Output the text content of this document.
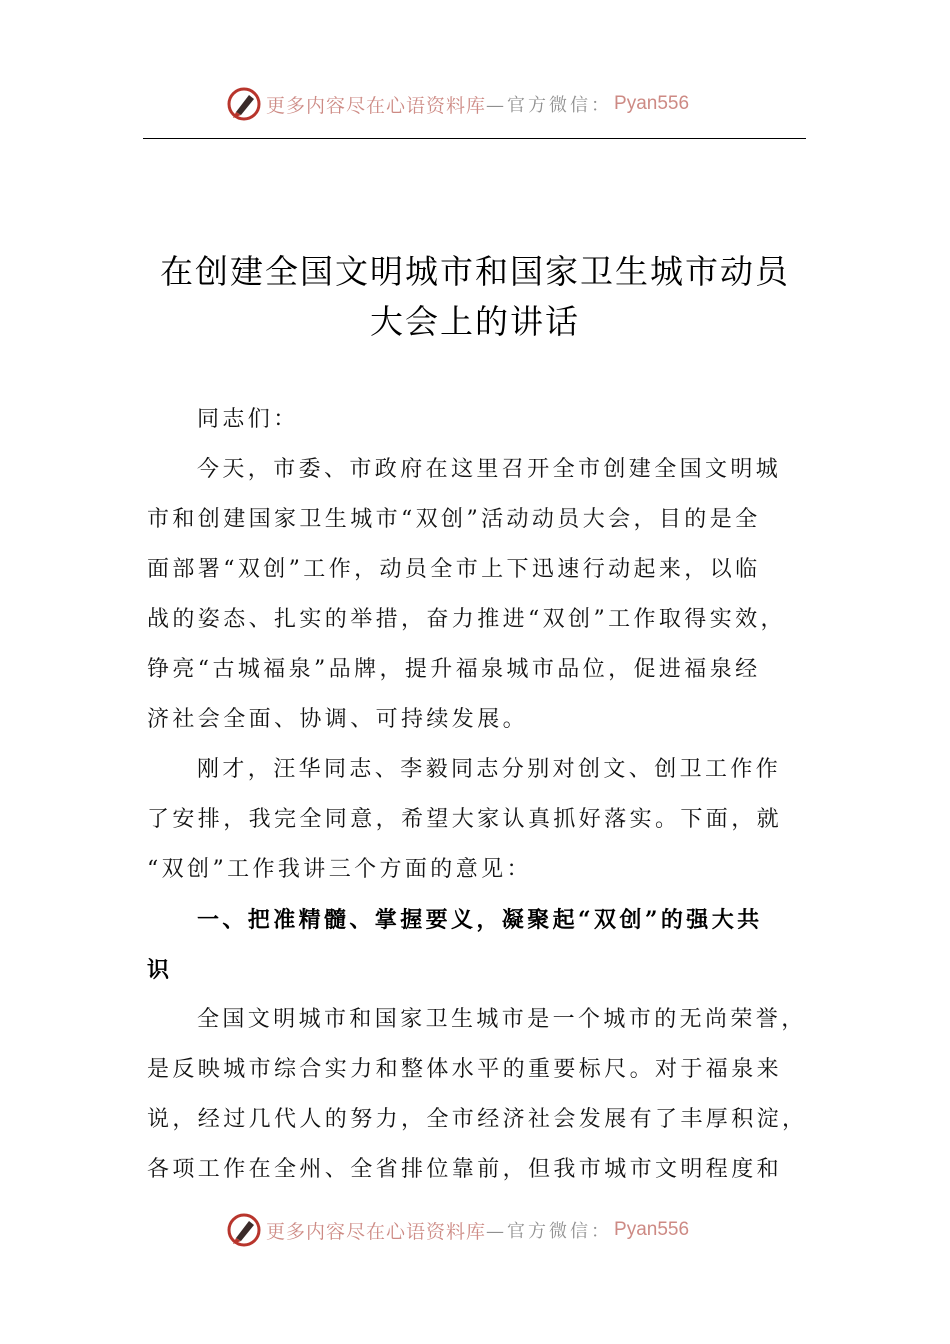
更多内容尽在心语资料库 —官方微信： Pyan556
在创建全国文明城市和国家卫生城市动员
大会上的讲话
同志们：
今天，市委、市政府在这里召开全市创建全国文明城
市和创建国家卫生城市“双创”活动动员大会，目的是全
面部署“双创”工作，动员全市上下迅速行动起来，以临
战的姿态、扎实的举措，奋力推进“双创”工作取得实效，
铮亮“古城福泉”品牌，提升福泉城市品位，促进福泉经
济社会全面、协调、可持续发展。
刚才，汪华同志、李毅同志分别对创文、创卫工作作
了安排，我完全同意，希望大家认真抓好落实。下面，就
“双创”工作我讲三个方面的意见：
一、把准精髓、掌握要义，凝聚起“双创”的强大共
识
全国文明城市和国家卫生城市是一个城市的无尚荣誉，
是反映城市综合实力和整体水平的重要标尺。对于福泉来
说，经过几代人的努力，全市经济社会发展有了丰厚积淀，
各项工作在全州、全省排位靠前，但我市城市文明程度和
更多内容尽在心语资料库 —官方微信： Pyan556
